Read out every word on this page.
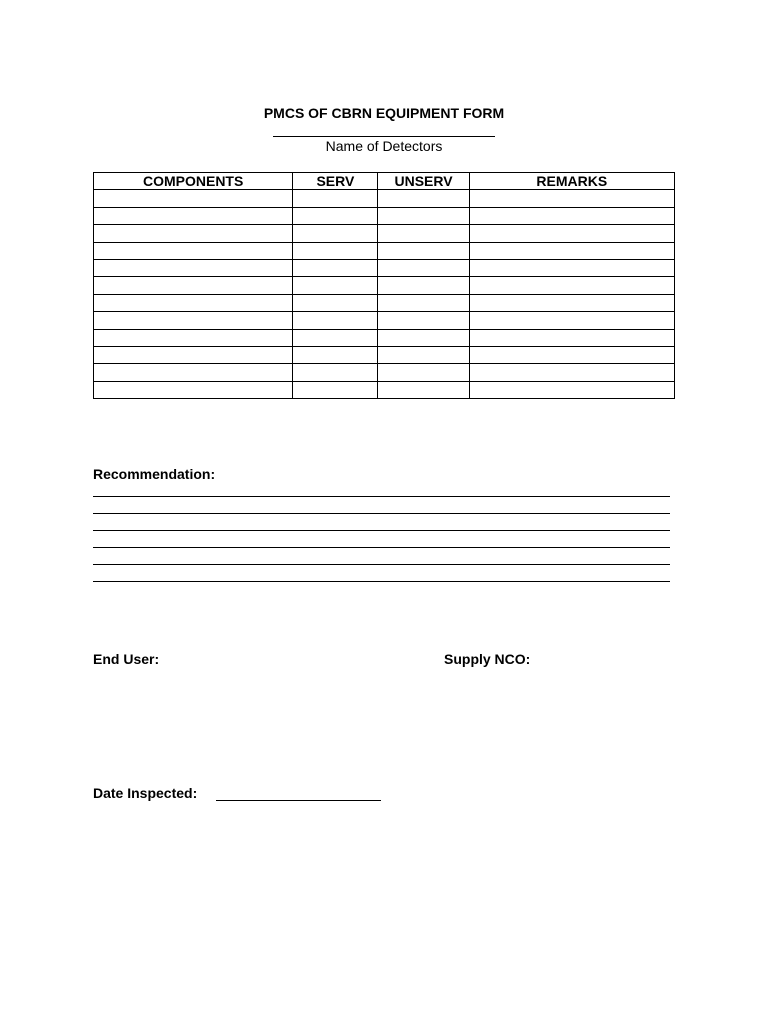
PMCS OF CBRN EQUIPMENT FORM
Name of Detectors
COMPONENTS	SERV	UNSERV	REMARKS

Recommendation:
End User:	Supply NCO:
Date Inspected:
